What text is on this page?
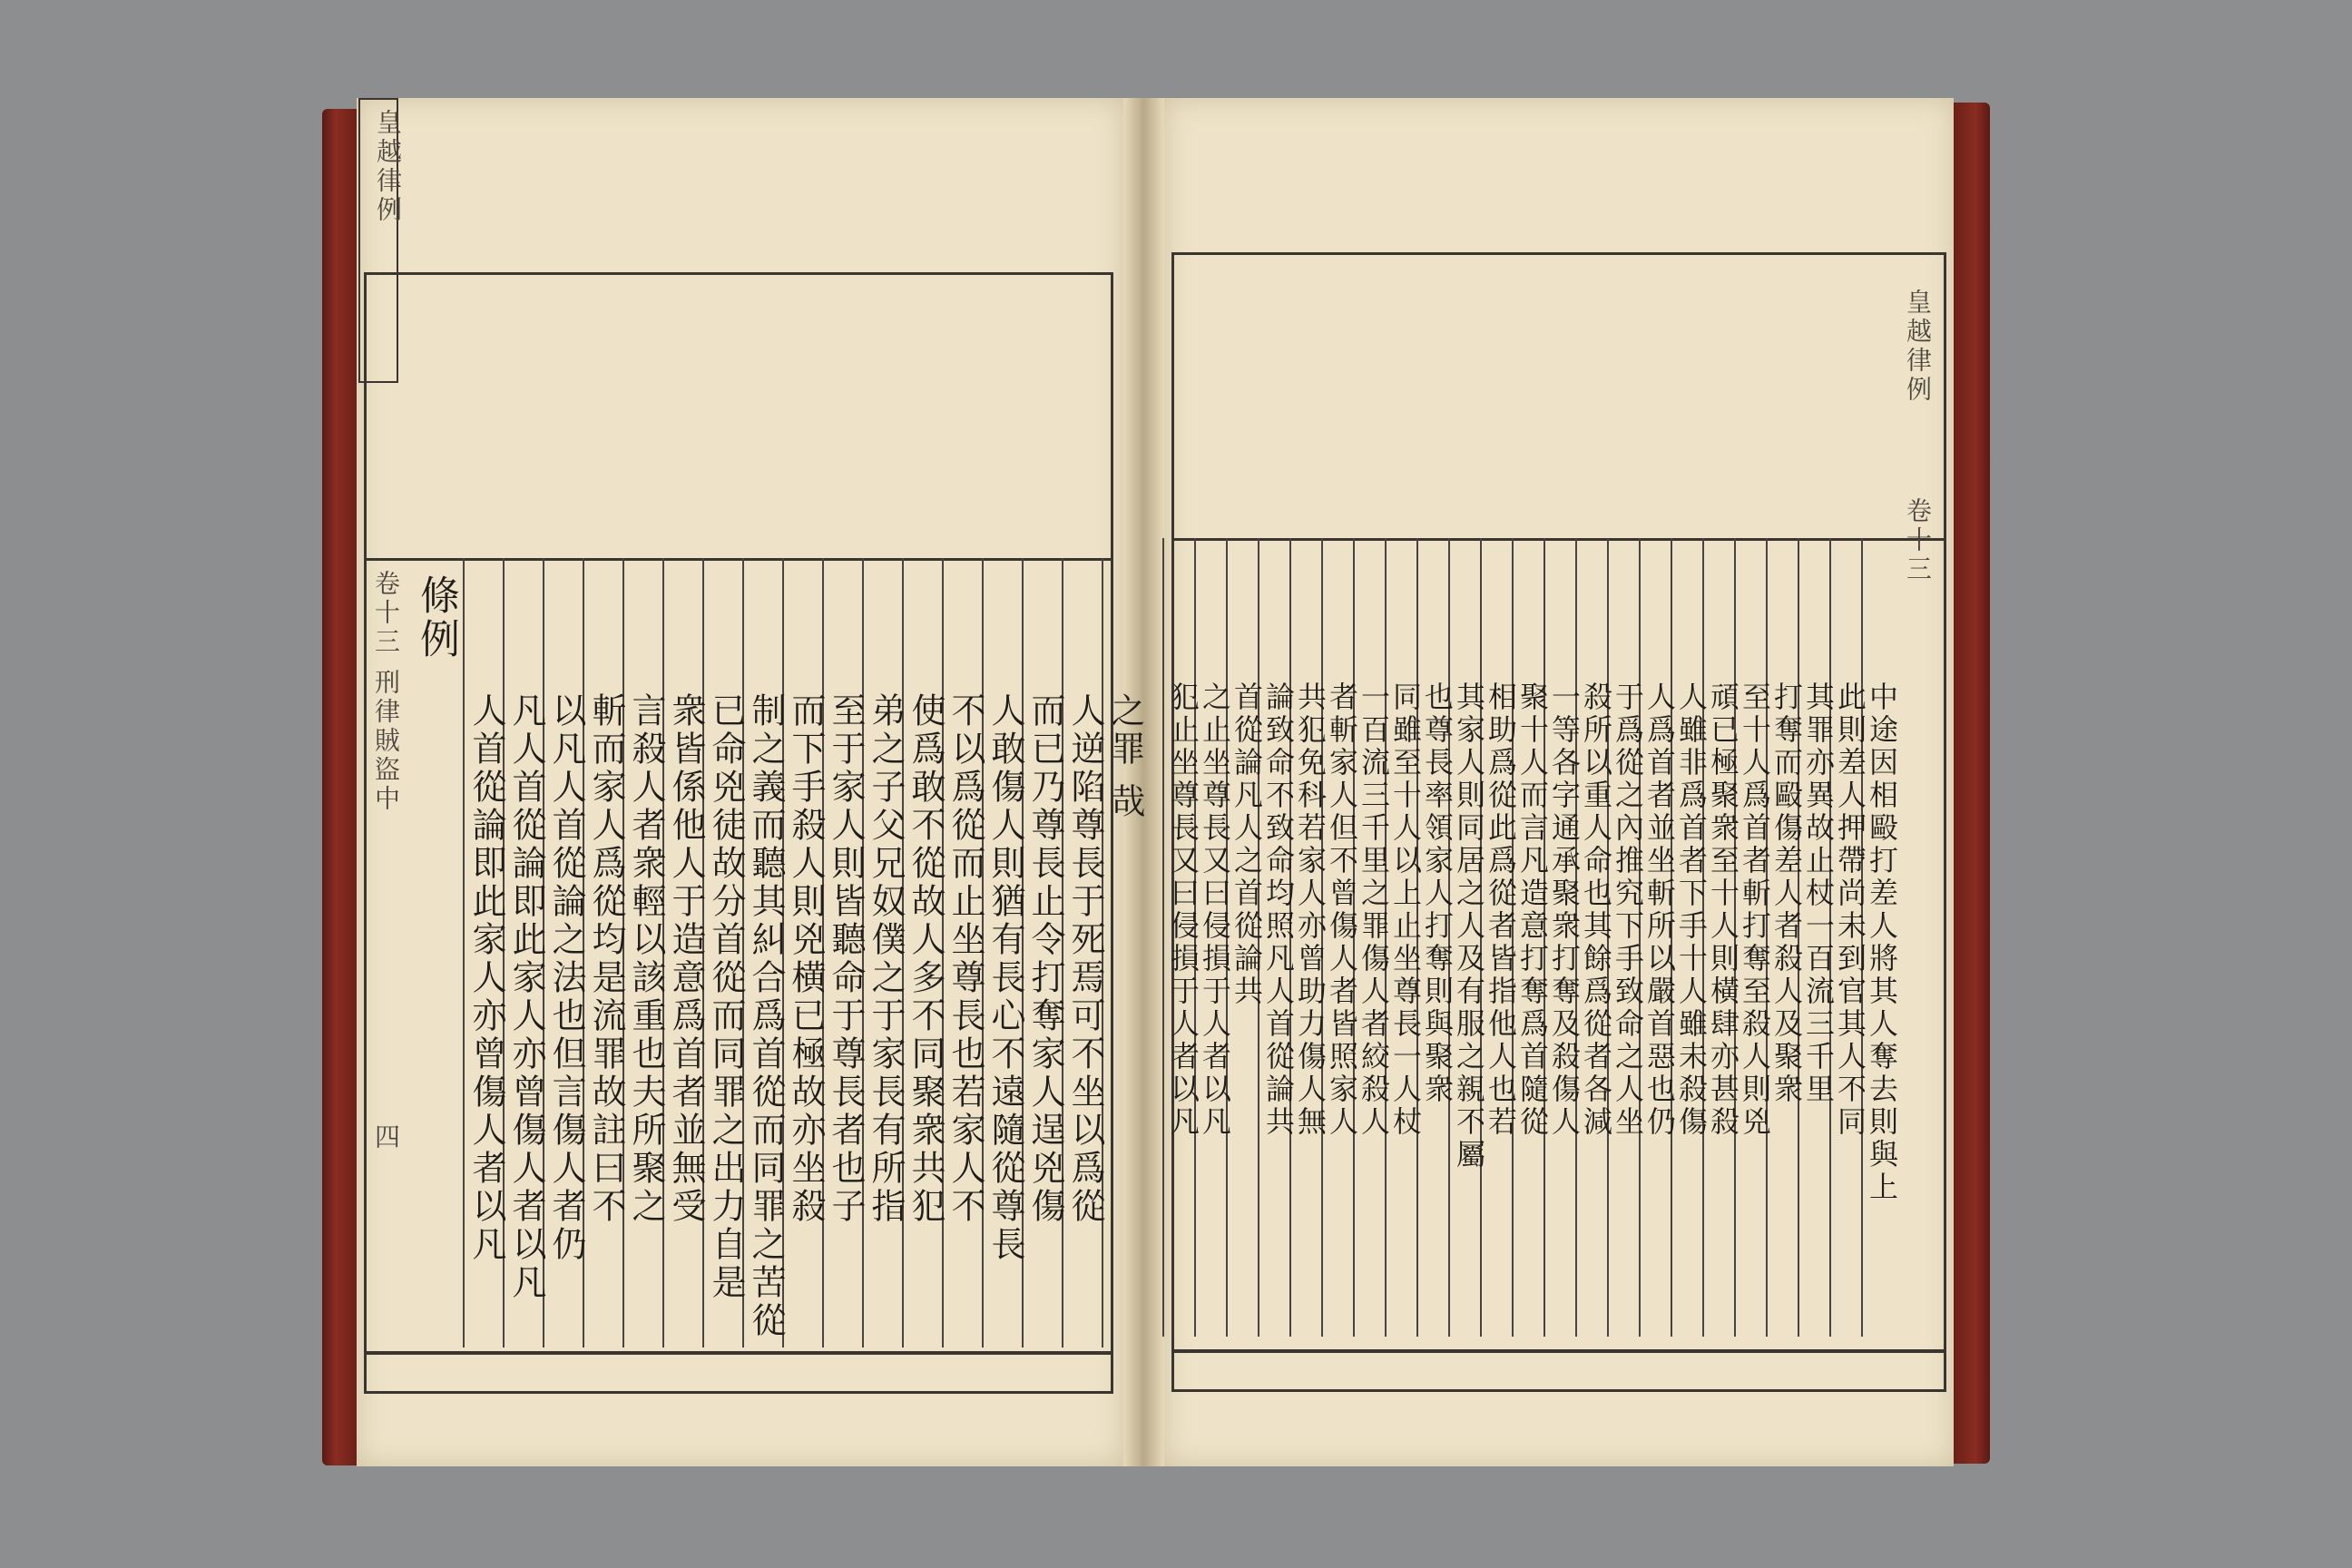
條例
之罪 哉
人逆陷尊長于死焉可不坐以爲從
而已乃尊長止令打奪家人逞兇傷
人敢傷人則猶有長心不遠隨從尊長
不以爲從而止坐尊長也若家人不
使爲敢不從故人多不同聚衆共犯
弟之子父兄奴僕之于家長有所指
至于家人則皆聽命于尊長者也子
而下手殺人則兇横已極故亦坐殺
制之義而聽其糾合爲首從而同罪之苦從
已命兇徒故分首從而同罪之出力自是
衆皆係他人于造意爲首者並無受
言殺人者衆輕以該重也夫所聚之
斬而家人爲從均是流罪故註曰不
以凡人首從論之法也但言傷人者仍
凡人首從論即此家人亦曾傷人者以凡
人首從論即此家人亦曾傷人者以凡
皇越律例
卷十三 刑律賊盜中
四	中途因相毆打差人將其人奪去則與上
此則差人押帶尚未到官其人不同
其罪亦異故止杖一百流三千里
打奪而毆傷差人者殺人及聚衆
至十人爲首者斬打奪至殺人則兇
頑已極聚衆至十人則橫肆亦甚殺
人雖非爲首者下手十人雖未殺傷
人爲首者並坐斬所以嚴首惡也仍
于爲從之內推究下手致命之人坐
殺所以重人命也其餘爲從者各減
一等各字通承聚衆打奪及殺傷人
聚十人而言凡造意打奪爲首隨從
相助爲從此爲從者皆指他人也若
其家人則同居之人及有服之親不屬
也尊長率領家人打奪則與聚衆
同雖至十人以上止坐尊長一人杖
一百流三千里之罪傷人者絞殺人
者斬家人但不曾傷人者皆照家人
共犯免科若家人亦曾助力傷人無
論致命不致命均照凡人首從論共
首從論凡人之首從論共
之止坐尊長又曰侵損于人者以凡
犯止坐尊長又曰侵損于人者以凡
皇越律例
卷十三
